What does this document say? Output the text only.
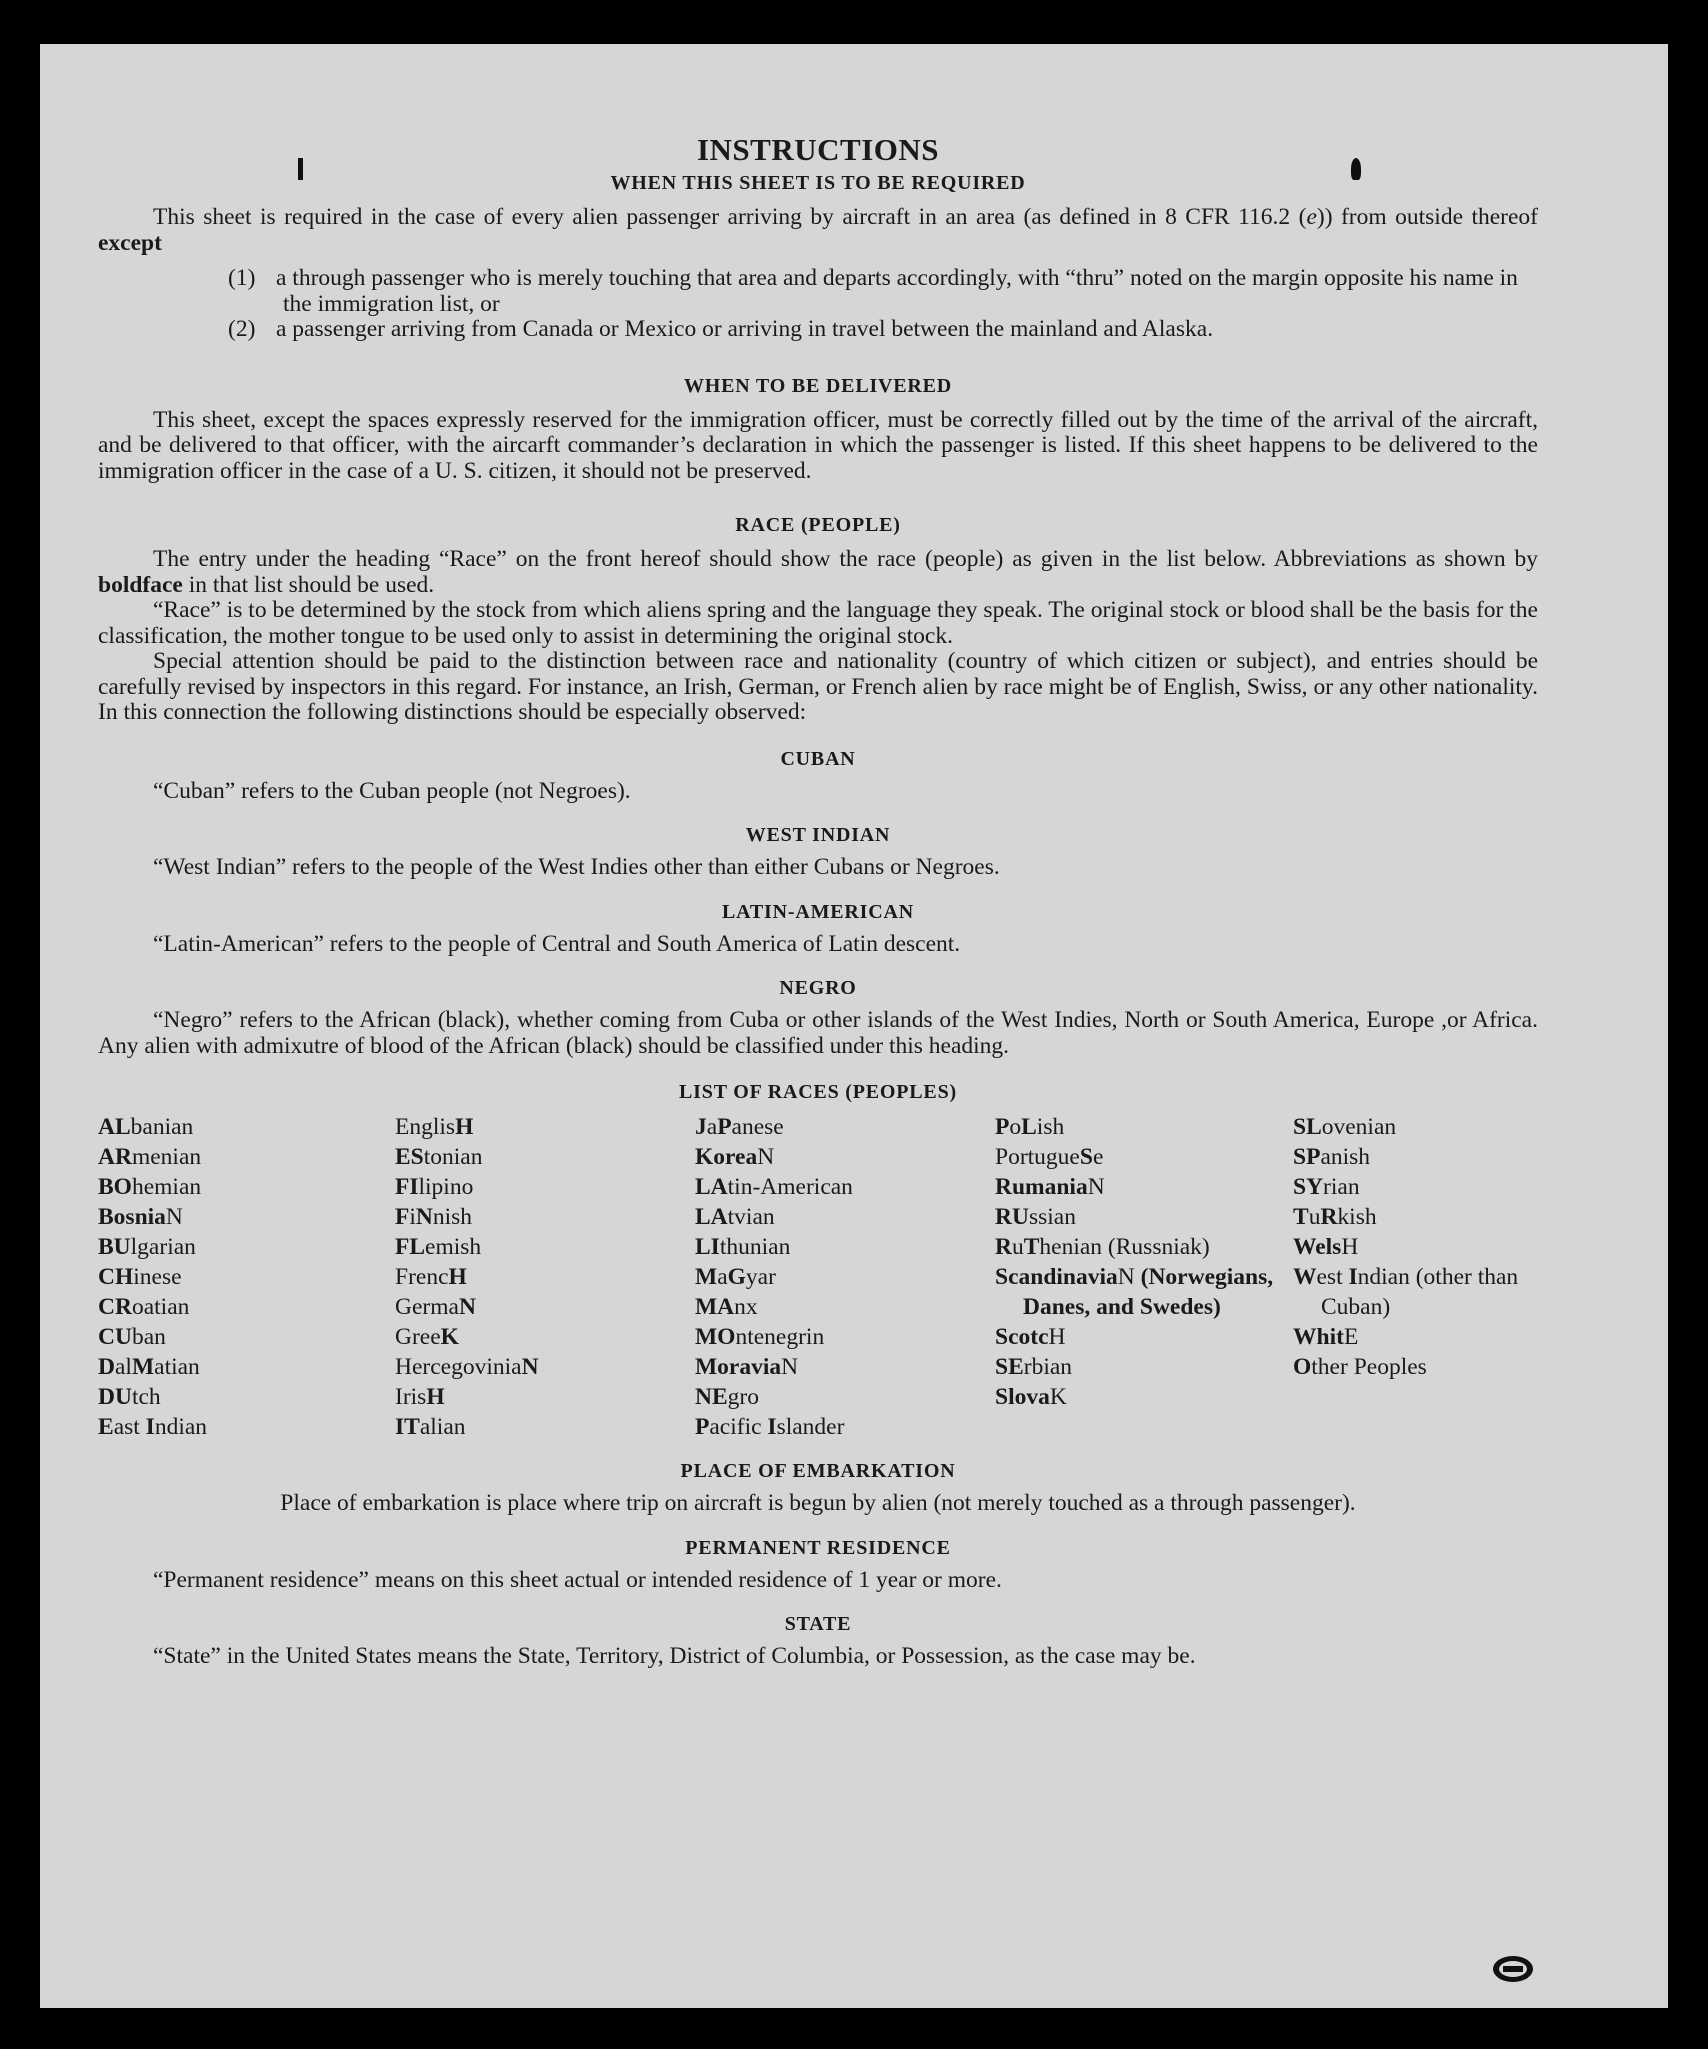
INSTRUCTIONS
WHEN THIS SHEET IS TO BE REQUIRED

This sheet is required in the case of every alien passenger arriving by aircraft in an area (as defined in 8 CFR 116.2 (e)) from outside thereof except

(1) a through passenger who is merely touching that area and departs accordingly, with “thru” noted on the margin opposite his name in the immigration list, or
(2) a passenger arriving from Canada or Mexico or arriving in travel between the mainland and Alaska.
WHEN TO BE DELIVERED

This sheet, except the spaces expressly reserved for the immigration officer, must be correctly filled out by the time of the arrival of the aircraft, and be delivered to that officer, with the aircarft commander’s declaration in which the passenger is listed. If this sheet happens to be delivered to the immigration officer in the case of a U. S. citizen, it should not be preserved.

RACE (PEOPLE)

The entry under the heading “Race” on the front hereof should show the race (people) as given in the list below. Abbreviations as shown by boldface in that list should be used.

“Race” is to be determined by the stock from which aliens spring and the language they speak. The original stock or blood shall be the basis for the classification, the mother tongue to be used only to assist in determining the original stock.

Special attention should be paid to the distinction between race and nationality (country of which citizen or subject), and entries should be carefully revised by inspectors in this regard. For instance, an Irish, German, or French alien by race might be of English, Swiss, or any other nationality. In this connection the following distinctions should be especially observed:

CUBAN

“Cuban” refers to the Cuban people (not Negroes).

WEST INDIAN

“West Indian” refers to the people of the West Indies other than either Cubans or Negroes.

LATIN-AMERICAN

“Latin-American” refers to the people of Central and South America of Latin descent.

NEGRO

“Negro” refers to the African (black), whether coming from Cuba or other islands of the West Indies, North or South America, Europe ,or Africa. Any alien with admixutre of blood of the African (black) should be classified under this heading.

LIST OF RACES (PEOPLES)
ALbanian
ARmenian
BOhemian
BosniaN
BUlgarian
CHinese
CRoatian
CUban
DalMatian
DUtch
East Indian
EnglisH
EStonian
FIlipino
FiNnish
FLemish
FrencH
GermaN
GreeK
HercegoviniaN
IrisH
ITalian
JaPanese
KoreaN
LAtin-American
LAtvian
LIthunian
MaGyar
MAnx
MOntenegrin
MoraviaN
NEgro
Pacific Islander
PoLish
PortugueSe
RumaniaN
RUssian
RuThenian (Russniak)
ScandinaviaN (Norwegians, Danes, and Swedes)
ScotcH
SErbian
SlovaK
SLovenian
SPanish
SYrian
TuRkish
WelsH
West Indian (other than Cuban)
WhitE
Other Peoples
PLACE OF EMBARKATION

Place of embarkation is place where trip on aircraft is begun by alien (not merely touched as a through passenger).

PERMANENT RESIDENCE

“Permanent residence” means on this sheet actual or intended residence of 1 year or more.

STATE

“State” in the United States means the State, Territory, District of Columbia, or Possession, as the case may be.
